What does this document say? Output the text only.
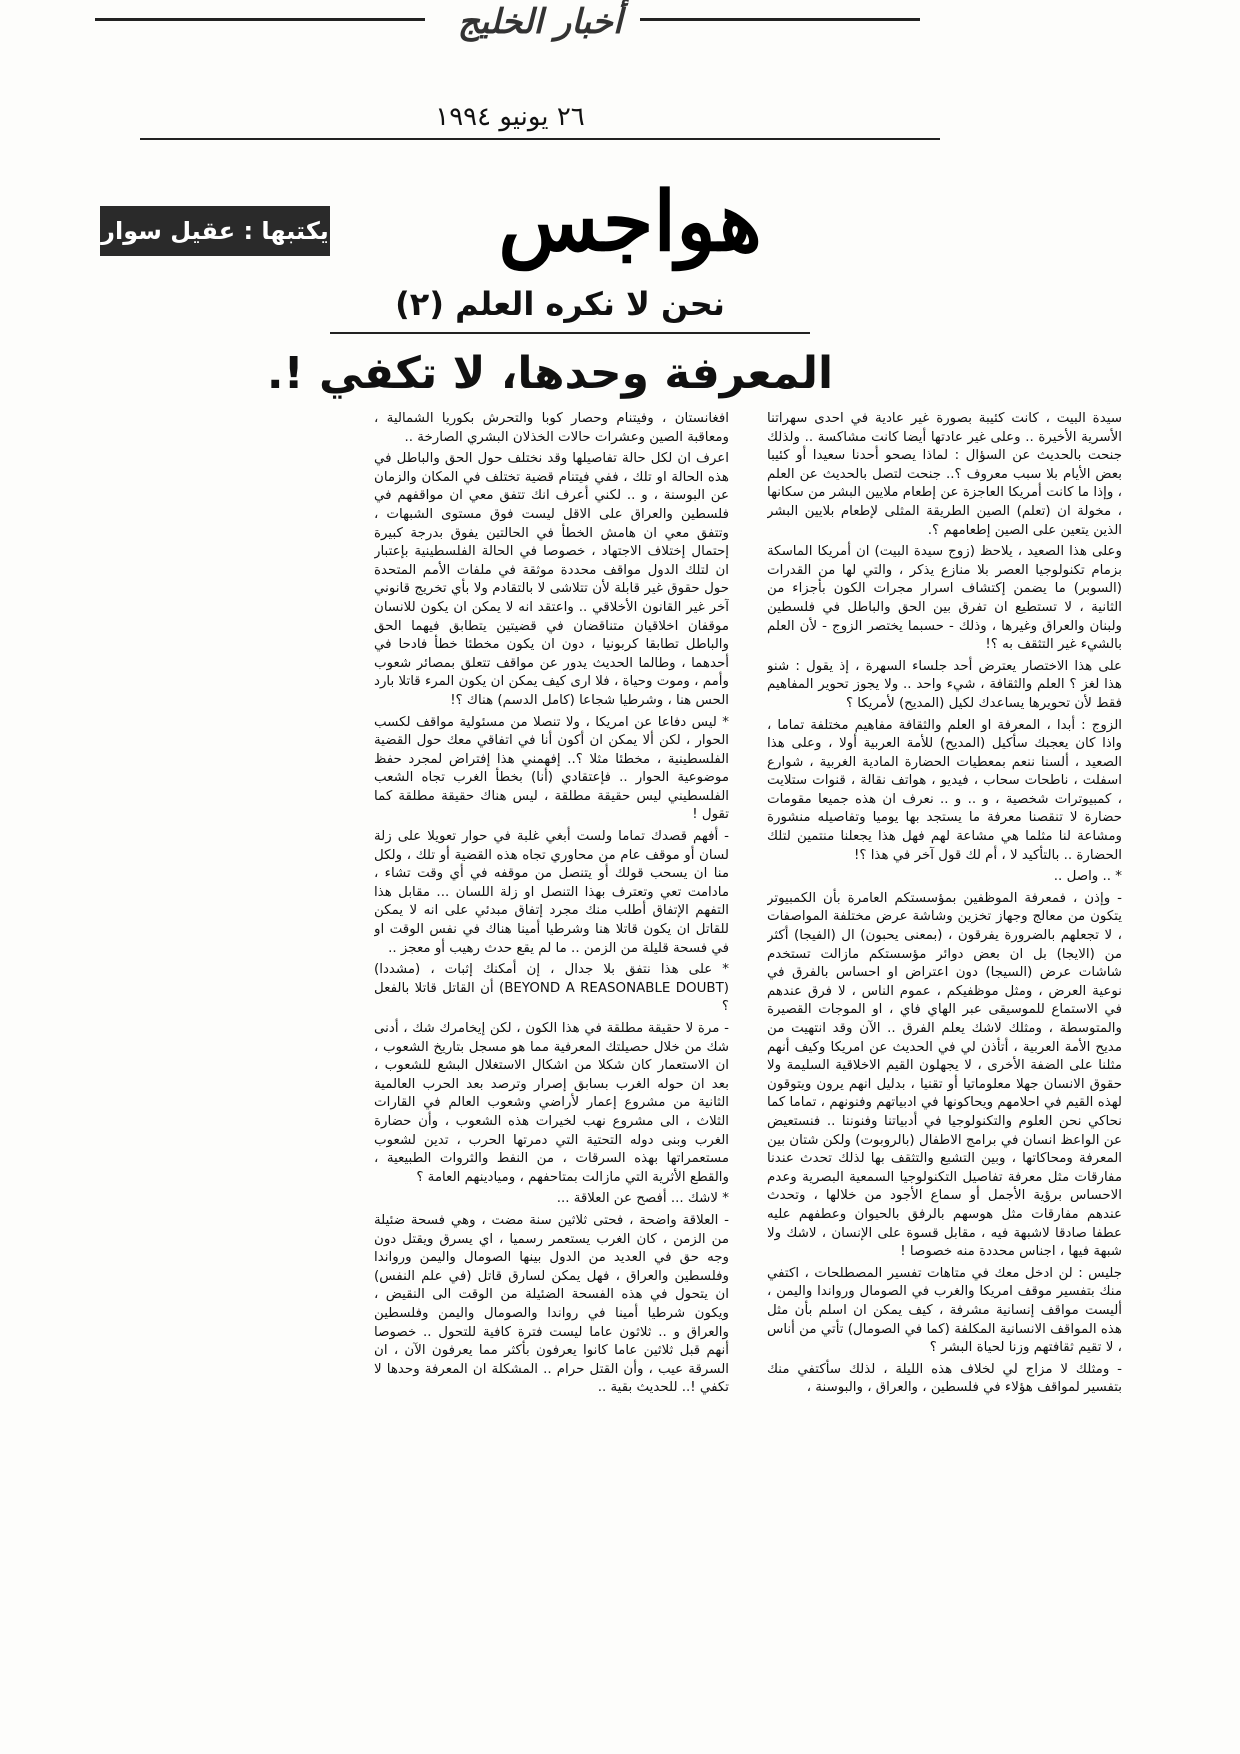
أخبار الخليج
٢٦ يونيو ١٩٩٤
هواجس
يكتبها : عقيل سوار
نحن لا نكره العلم (٢)
المعرفة وحدها، لا تكفي !.

سيدة البيت ، كانت كئيبة بصورة غير عادية في احدى سهراتنا الأسرية الأخيرة .. وعلى غير عادتها أيضا كانت مشاكسة .. ولذلك جنحت بالحديث عن السؤال : لماذا يصحو أحدنا سعيدا أو كئيبا بعض الأيام بلا سبب معروف ؟.. جنحت لتصل بالحديث عن العلم ، وإذا ما كانت أمريكا العاجزة عن إطعام ملايين البشر من سكانها ، مخولة ان (تعلم) الصين الطريقة المثلى لإطعام بلايين البشر الذين يتعين على الصين إطعامهم ؟.

وعلى هذا الصعيد ، يلاحظ (زوج سيدة البيت) ان أمريكا الماسكة بزمام تكنولوجيا العصر بلا منازع يذكر ، والتي لها من القدرات (السوبر) ما يضمن إكتشاف اسرار مجرات الكون بأجزاء من الثانية ، لا تستطيع ان تفرق بين الحق والباطل في فلسطين ولبنان والعراق وغيرها ، وذلك - حسبما يختصر الزوج - لأن العلم بالشيء غير التثقف به ؟!

على هذا الاختصار يعترض أحد جلساء السهرة ، إذ يقول : شنو هذا لغز ؟ العلم والثقافة ، شيء واحد .. ولا يجوز تحوير المفاهيم فقط لأن تحويرها يساعدك لكيل (المديح) لأمريكا ؟

الزوج : أبدا ، المعرفة او العلم والثقافة مفاهيم مختلفة تماما ، واذا كان يعجبك سأكيل (المديح) للأمة العربية أولا ، وعلى هذا الصعيد ، ألسنا ننعم بمعطيات الحضارة المادية الغربية ، شوارع اسفلت ، ناطحات سحاب ، فيديو ، هواتف نقالة ، قنوات ستلايت ، كمبيوترات شخصية ، و .. و .. نعرف ان هذه جميعا مقومات حضارة لا تنقصنا معرفة ما يستجد بها يوميا وتفاصيله منشورة ومشاعة لنا مثلما هي مشاعة لهم فهل هذا يجعلنا منتمين لتلك الحضارة .. بالتأكيد لا ، أم لك قول آخر في هذا ؟!

* .. واصل ..

- وإذن ، فمعرفة الموظفين بمؤسستكم العامرة بأن الكمبيوتر يتكون من معالج وجهاز تخزين وشاشة عرض مختلفة المواصفات ، لا تجعلهم بالضرورة يفرقون ، (بمعنى يحبون) ال (الفيجا) أكثر من (الايجا) بل ان بعض دوائر مؤسستكم مازالت تستخدم شاشات عرض (السيجا) دون اعتراض او احساس بالفرق في نوعية العرض ، ومثل موظفيكم ، عموم الناس ، لا فرق عندهم في الاستماع للموسيقى عبر الهاي فاي ، او الموجات القصيرة والمتوسطة ، ومثلك لاشك يعلم الفرق .. الآن وقد انتهيت من مديح الأمة العربية ، أتأذن لي في الحديث عن امريكا وكيف أنهم مثلنا على الضفة الأخرى ، لا يجهلون القيم الاخلاقية السليمة ولا حقوق الانسان جهلا معلوماتيا أو تقنيا ، بدليل انهم يرون ويتوقون لهذه القيم في احلامهم ويحاكونها في ادبياتهم وفنونهم ، تماما كما نحاكي نحن العلوم والتكنولوجيا في أدبياتنا وفنوننا .. فنستعيض عن الواعظ انسان في برامج الاطفال (بالروبوت) ولكن شتان بين المعرفة ومحاكاتها ، وبين التشبع والتثقف بها لذلك تحدث عندنا مفارقات مثل معرفة تفاصيل التكنولوجيا السمعية البصرية وعدم الاحساس برؤية الأجمل أو سماع الأجود من خلالها ، وتحدث عندهم مفارقات مثل هوسهم بالرفق بالحيوان وعطفهم عليه عطفا صادقا لاشبهة فيه ، مقابل قسوة على الإنسان ، لاشك ولا شبهة فيها ، اجناس محددة منه خصوصا !

جليس : لن ادخل معك في متاهات تفسير المصطلحات ، اكتفي منك بتفسير موقف امريكا والغرب في الصومال ورواندا واليمن ، أليست مواقف إنسانية مشرفة ، كيف يمكن ان اسلم بأن مثل هذه المواقف الانسانية المكلفة (كما في الصومال) تأتي من أناس ، لا تقيم ثقافتهم وزنا لحياة البشر ؟

- ومثلك لا مزاج لي لخلاف هذه الليلة ، لذلك سأكتفي منك بتفسير لمواقف هؤلاء في فلسطين ، والعراق ، والبوسنة ،

افغانستان ، وفيتنام وحصار كوبا والتحرش بكوريا الشمالية ، ومعاقبة الصين وعشرات حالات الخذلان البشري الصارخة ..

اعرف ان لكل حالة تفاصيلها وقد نختلف حول الحق والباطل في هذه الحالة او تلك ، ففي فيتنام قضية تختلف في المكان والزمان عن البوسنة ، و .. لكني أعرف انك تتفق معي ان مواقفهم في فلسطين والعراق على الاقل ليست فوق مستوى الشبهات ، وتتفق معي ان هامش الخطأ في الحالتين يفوق بدرجة كبيرة إحتمال إختلاف الاجتهاد ، خصوصا في الحالة الفلسطينية بإعتبار ان لتلك الدول مواقف محددة موثقة في ملفات الأمم المتحدة حول حقوق غير قابلة لأن تتلاشى لا بالتقادم ولا بأي تخريج قانوني آخر غير القانون الأخلاقي .. واعتقد انه لا يمكن ان يكون للانسان موقفان اخلاقيان متناقضان في قضيتين يتطابق فيهما الحق والباطل تطابقا كربونيا ، دون ان يكون مخطئا خطأ فادحا في أحدهما ، وطالما الحديث يدور عن مواقف تتعلق بمصائر شعوب وأمم ، وموت وحياة ، فلا ارى كيف يمكن ان يكون المرء قاتلا بارد الحس هنا ، وشرطيا شجاعا (كامل الدسم) هناك ؟!

* ليس دفاعا عن امريكا ، ولا تنصلا من مسئولية مواقف لكسب الحوار ، لكن ألا يمكن ان أكون أنا في اتفاقي معك حول القضية الفلسطينية ، مخطئا مثلا ؟.. إفهمني هذا إفتراض لمجرد حفظ موضوعية الحوار .. فإعتقادي (أنا) بخطأ الغرب تجاه الشعب الفلسطيني ليس حقيقة مطلقة ، ليس هناك حقيقة مطلقة كما تقول !

- أفهم قصدك تماما ولست أبغي غلبة في حوار تعويلا على زلة لسان أو موقف عام من محاوري تجاه هذه القضية أو تلك ، ولكل منا ان يسحب قولك أو يتنصل من موقفه في أي وقت تشاء ، مادامت تعي وتعترف بهذا التنصل او زلة اللسان ... مقابل هذا التفهم الإتفاق أطلب منك مجرد إتفاق مبدئي على انه لا يمكن للقاتل ان يكون قاتلا هنا وشرطيا أمينا هناك في نفس الوقت او في فسحة قليلة من الزمن .. ما لم يقع حدث رهيب أو معجز ..

* على هذا نتفق بلا جدال ، إن أمكنك إثبات ، (مشددا) (BEYOND A REASONABLE DOUBT) أن القاتل قاتلا بالفعل ؟

- مرة لا حقيقة مطلقة في هذا الكون ، لكن إيخامرك شك ، أدنى شك من خلال حصيلتك المعرفية مما هو مسجل بتاريخ الشعوب ، ان الاستعمار كان شكلا من اشكال الاستغلال البشع للشعوب ، بعد ان حوله الغرب بسابق إصرار وترصد بعد الحرب العالمية الثانية من مشروع إعمار لأراضي وشعوب العالم في القارات الثلاث ، الى مشروع نهب لخيرات هذه الشعوب ، وأن حضارة الغرب وبنى دوله التحتية التي دمرتها الحرب ، تدين لشعوب مستعمراتها بهذه السرقات ، من النفط والثروات الطبيعية ، والقطع الأثرية التي مازالت بمتاحفهم ، وميادينهم العامة ؟

* لاشك ... أفصح عن العلاقة ...

- العلاقة واضحة ، فحتى ثلاثين سنة مضت ، وهي فسحة ضئيلة من الزمن ، كان الغرب يستعمر رسميا ، اي يسرق ويقتل دون وجه حق في العديد من الدول بينها الصومال واليمن ورواندا وفلسطين والعراق ، فهل يمكن لسارق قاتل (في علم النفس) ان يتحول في هذه الفسحة الضئيلة من الوقت الى النقيض ، ويكون شرطيا أمينا في رواندا والصومال واليمن وفلسطين والعراق و .. ثلاثون عاما ليست فترة كافية للتحول .. خصوصا أنهم قبل ثلاثين عاما كانوا يعرفون بأكثر مما يعرفون الآن ، ان السرقة عيب ، وأن القتل حرام .. المشكلة ان المعرفة وحدها لا تكفي !.. للحديث بقية ..
